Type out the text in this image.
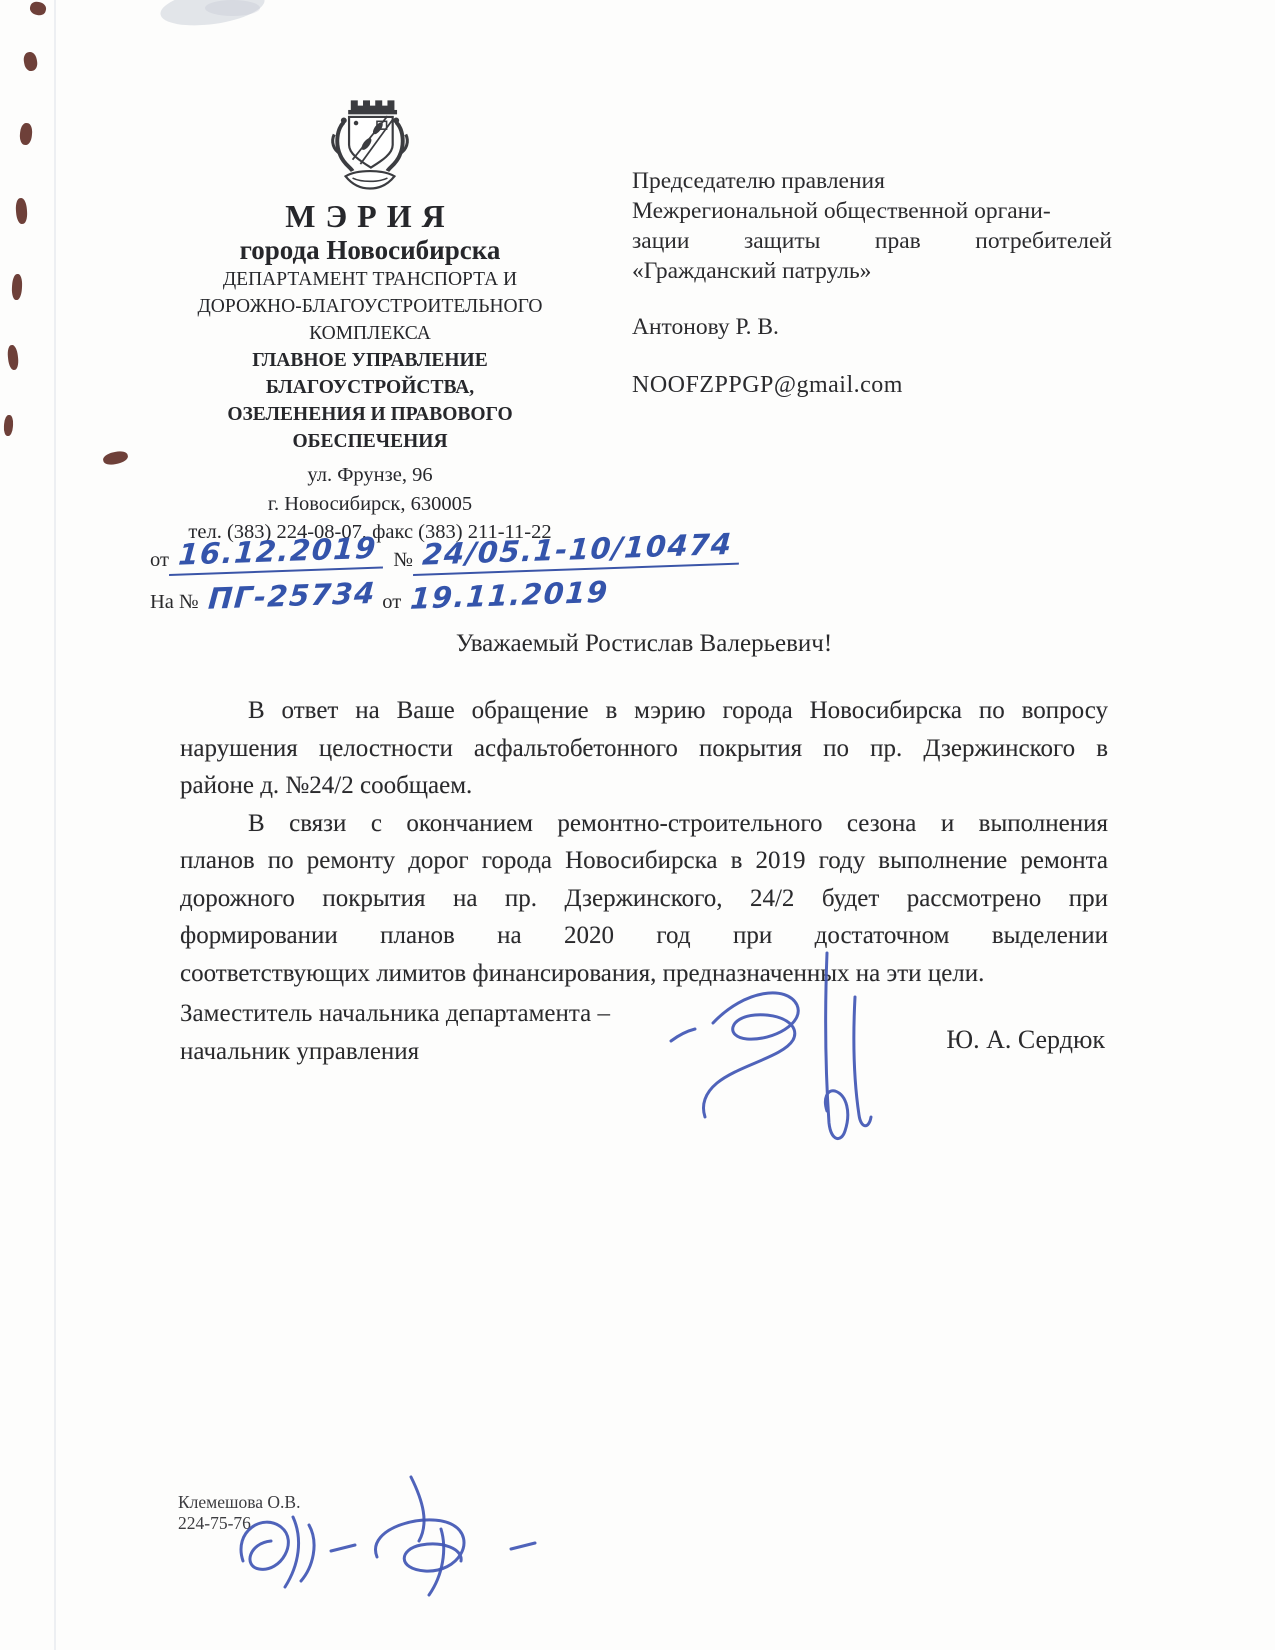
МЭРИЯ
города Новосибирска
ДЕПАРТАМЕНТ ТРАНСПОРТА И
ДОРОЖНО-БЛАГОУСТРОИТЕЛЬНОГО
КОМПЛЕКСА
ГЛАВНОЕ УПРАВЛЕНИЕ
БЛАГОУСТРОЙСТВА,
ОЗЕЛЕНЕНИЯ И ПРАВОВОГО
ОБЕСПЕЧЕНИЯ
ул. Фрунзе, 96
г. Новосибирск, 630005
тел. (383) 224-08-07, факс (383) 211-11-22
от 16.12.2019 № 24/05.1-10/10474
На № ПГ-25734 от 19.11.2019
Председателю правления
Межрегиональной общественной органи-
зации защиты прав потребителей
«Гражданский патруль»
Антонову Р. В.
NOOFZPPGP@gmail.com
Уважаемый Ростислав Валерьевич!
В ответ на Ваше обращение в мэрию города Новосибирска по вопросу
нарушения целостности асфальтобетонного покрытия по пр. Дзержинского в
районе д. №24/2 сообщаем.
В связи с окончанием ремонтно-строительного сезона и выполнения
планов по ремонту дорог города Новосибирска в 2019 году выполнение ремонта
дорожного покрытия на пр. Дзержинского, 24/2 будет рассмотрено при
формировании планов на 2020 год при достаточном выделении
соответствующих лимитов финансирования, предназначенных на эти цели.
Заместитель начальника департамента –
начальник управления	Ю. А. Сердюк
Клемешова О.В.
224-75-76
